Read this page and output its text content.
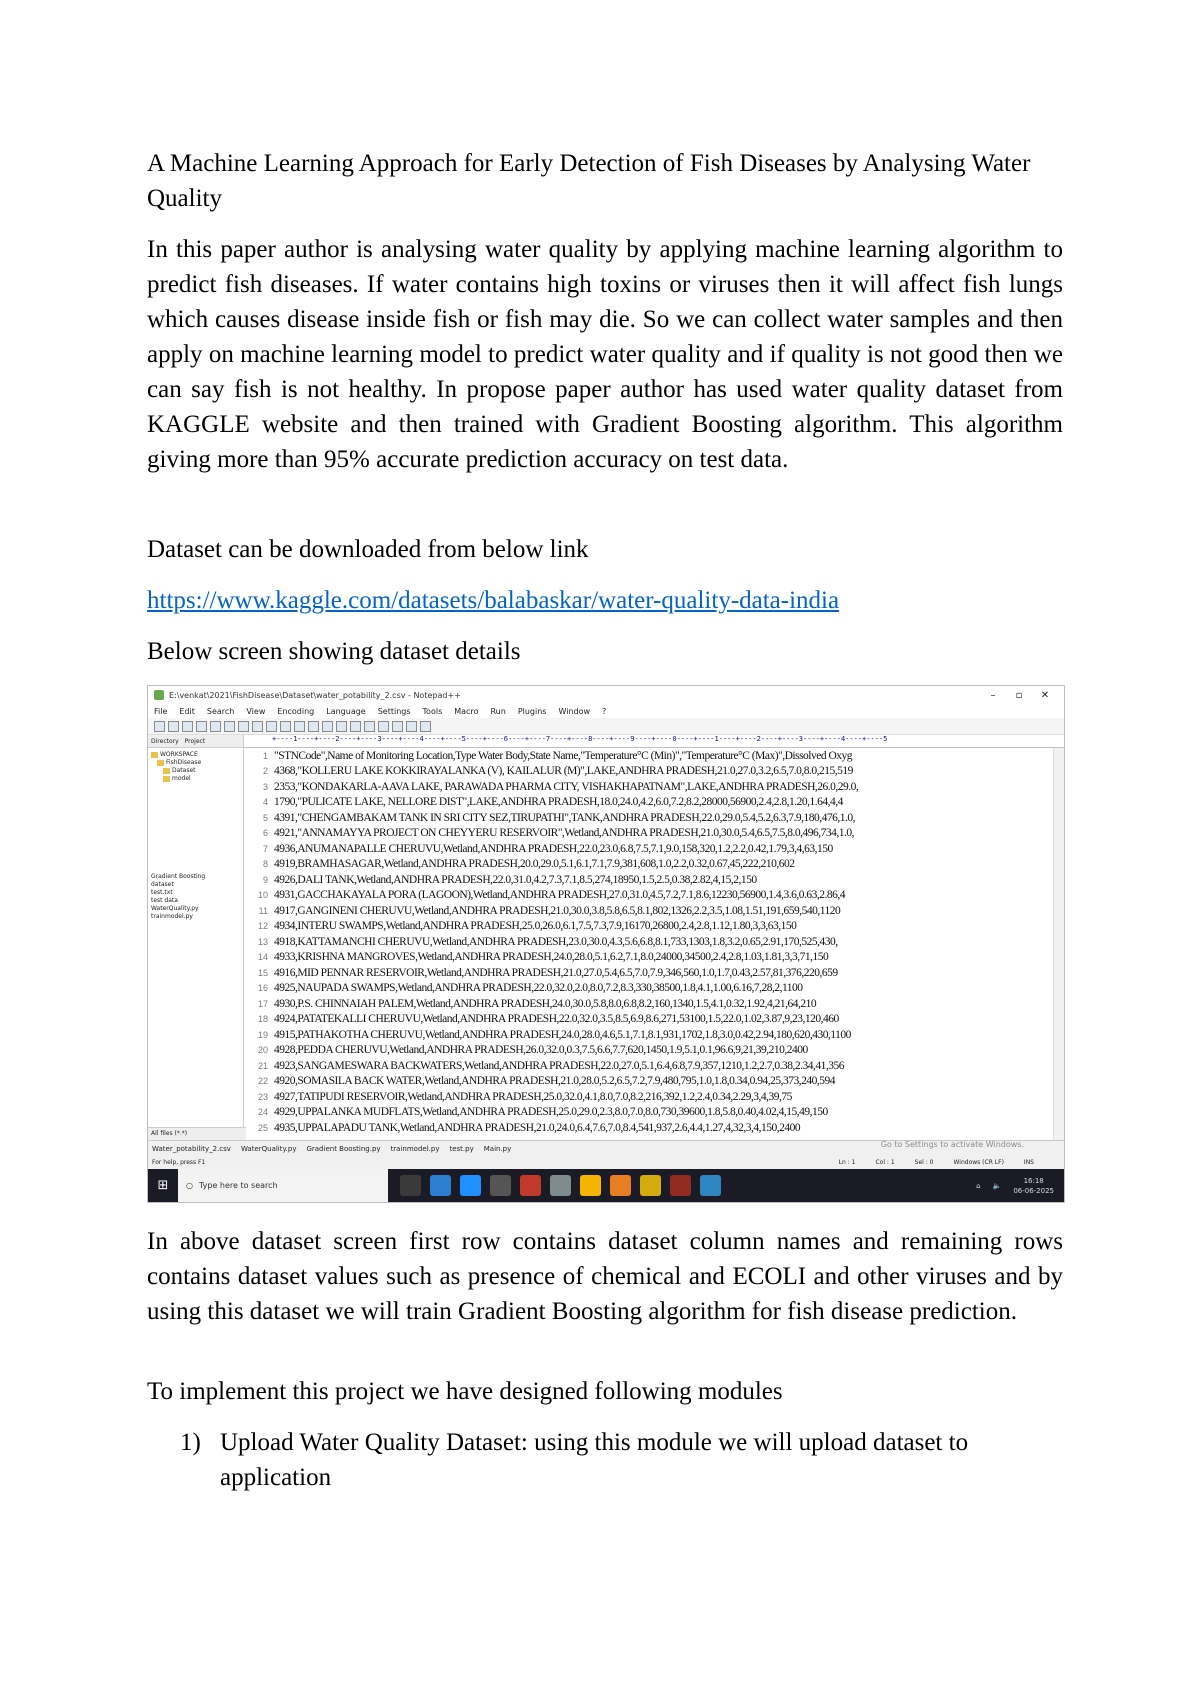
A Machine Learning Approach for Early Detection of Fish Diseases by Analysing Water Quality
In this paper author is analysing water quality by applying machine learning algorithm to predict fish diseases. If water contains high toxins or viruses then it will affect fish lungs which causes disease inside fish or fish may die. So we can collect water samples and then apply on machine learning model to predict water quality and if quality is not good then we can say fish is not healthy. In propose paper author has used water quality dataset from KAGGLE website and then trained with Gradient Boosting algorithm. This algorithm giving more than 95% accurate prediction accuracy on test data.
Dataset can be downloaded from below link
https://www.kaggle.com/datasets/balabaskar/water-quality-data-india
Below screen showing dataset details
E:\venkat\2021\FishDisease\Dataset\water_potability_2.csv - Notepad++	–	▫	✕
File Edit Search View Encoding Language Settings Tools Macro Run Plugins Window ?
Directory Project
WORKSPACE
FishDisease
Dataset
model
Gradient Boosting
dataset
test.txt
test data
WaterQuality.py
trainmodel.py
All files (*.*)
+----1----+----2----+----3----+----4----+----5----+----6----+----7----+----8----+----9----+----0----+----1----+----2----+----3----+----4----+----5
1 "STNCode",Name of Monitoring Location,Type Water Body,State Name,"Temperature°C (Min)","Temperature°C (Max)",Dissolved Oxyg
2 4368,"KOLLERU LAKE KOKKIRAYALANKA (V), KAILALUR (M)",LAKE,ANDHRA PRADESH,21.0,27.0,3.2,6.5,7.0,8.0,215,519
3 2353,"KONDAKARLA-AAVA LAKE, PARAWADA PHARMA CITY, VISHAKHAPATNAM",LAKE,ANDHRA PRADESH,26.0,29.0,
4 1790,"PULICATE LAKE, NELLORE DIST",LAKE,ANDHRA PRADESH,18.0,24.0,4.2,6.0,7.2,8.2,28000,56900,2.4,2.8,1.20,1.64,4,4
5 4391,"CHENGAMBAKAM TANK IN SRI CITY SEZ,TIRUPATHI",TANK,ANDHRA PRADESH,22.0,29.0,5.4,5.2,6.3,7.9,180,476,1.0,
6 4921,"ANNAMAYYA PROJECT ON CHEYYERU RESERVOIR",Wetland,ANDHRA PRADESH,21.0,30.0,5.4,6.5,7.5,8.0,496,734,1.0,
7 4936,ANUMANAPALLE CHERUVU,Wetland,ANDHRA PRADESH,22.0,23.0,6.8,7.5,7.1,9.0,158,320,1.2,2.2,0.42,1.79,3,4,63,150
8 4919,BRAMHASAGAR,Wetland,ANDHRA PRADESH,20.0,29.0,5.1,6.1,7.1,7.9,381,608,1.0,2.2,0.32,0.67,45,222,210,602
9 4926,DALI TANK,Wetland,ANDHRA PRADESH,22.0,31.0,4.2,7.3,7.1,8.5,274,18950,1.5,2.5,0.38,2.82,4,15,2,150
10 4931,GACCHAKAYALA PORA (LAGOON),Wetland,ANDHRA PRADESH,27.0,31.0,4.5,7.2,7.1,8.6,12230,56900,1.4,3.6,0.63,2.86,4
11 4917,GANGINENI CHERUVU,Wetland,ANDHRA PRADESH,21.0,30.0,3.8,5.8,6.5,8.1,802,1326,2.2,3.5,1.08,1.51,191,659,540,1120
12 4934,INTERU SWAMPS,Wetland,ANDHRA PRADESH,25.0,26.0,6.1,7.5,7.3,7.9,16170,26800,2.4,2.8,1.12,1.80,3,3,63,150
13 4918,KATTAMANCHI CHERUVU,Wetland,ANDHRA PRADESH,23.0,30.0,4.3,5.6,6.8,8.1,733,1303,1.8,3.2,0.65,2.91,170,525,430,
14 4933,KRISHNA MANGROVES,Wetland,ANDHRA PRADESH,24.0,28.0,5.1,6.2,7.1,8.0,24000,34500,2.4,2.8,1.03,1.81,3,3,71,150
15 4916,MID PENNAR RESERVOIR,Wetland,ANDHRA PRADESH,21.0,27.0,5.4,6.5,7.0,7.9,346,560,1.0,1.7,0.43,2.57,81,376,220,659
16 4925,NAUPADA SWAMPS,Wetland,ANDHRA PRADESH,22.0,32.0,2.0,8.0,7.2,8.3,330,38500,1.8,4.1,1.00,6.16,7,28,2,1100
17 4930,P.S. CHINNAIAH PALEM,Wetland,ANDHRA PRADESH,24.0,30.0,5.8,8.0,6.8,8.2,160,1340,1.5,4.1,0.32,1.92,4,21,64,210
18 4924,PATATEKALLI CHERUVU,Wetland,ANDHRA PRADESH,22.0,32.0,3.5,8.5,6.9,8.6,271,53100,1.5,22.0,1.02,3.87,9,23,120,460
19 4915,PATHAKOTHA CHERUVU,Wetland,ANDHRA PRADESH,24.0,28.0,4.6,5.1,7.1,8.1,931,1702,1.8,3.0,0.42,2.94,180,620,430,1100
20 4928,PEDDA CHERUVU,Wetland,ANDHRA PRADESH,26.0,32.0,0.3,7.5,6.6,7.7,620,1450,1.9,5.1,0.1,96.6,9,21,39,210,2400
21 4923,SANGAMESWARA BACKWATERS,Wetland,ANDHRA PRADESH,22.0,27.0,5.1,6.4,6.8,7.9,357,1210,1.2,2.7,0.38,2.34,41,356
22 4920,SOMASILA BACK WATER,Wetland,ANDHRA PRADESH,21.0,28.0,5.2,6.5,7.2,7.9,480,795,1.0,1.8,0.34,0.94,25,373,240,594
23 4927,TATIPUDI RESERVOIR,Wetland,ANDHRA PRADESH,25.0,32.0,4.1,8.0,7.0,8.2,216,392,1.2,2.4,0.34,2.29,3,4,39,75
24 4929,UPPALANKA MUDFLATS,Wetland,ANDHRA PRADESH,25.0,29.0,2.3,8.0,7.0,8.0,730,39600,1.8,5.8,0.40,4.02,4,15,49,150
25 4935,UPPALAPADU TANK,Wetland,ANDHRA PRADESH,21.0,24.0,6.4,7.6,7.0,8.4,541,937,2.6,4.4,1.27,4,32,3,4,150,2400
Water_potability_2.csv WaterQuality.py Gradient Boosting.py trainmodel.py test.py Main.py	Go to Settings to activate Windows.
For help, press F1	Ln : 1	Col : 1	Sel : 0	Windows (CR LF)	INS
⊞	○ Type here to search	⌂ 🔈
16:18
06-06-2025
In above dataset screen first row contains dataset column names and remaining rows contains dataset values such as presence of chemical and ECOLI and other viruses and by using this dataset we will train Gradient Boosting algorithm for fish disease prediction.
To implement this project we have designed following modules
1) Upload Water Quality Dataset: using this module we will upload dataset to application
